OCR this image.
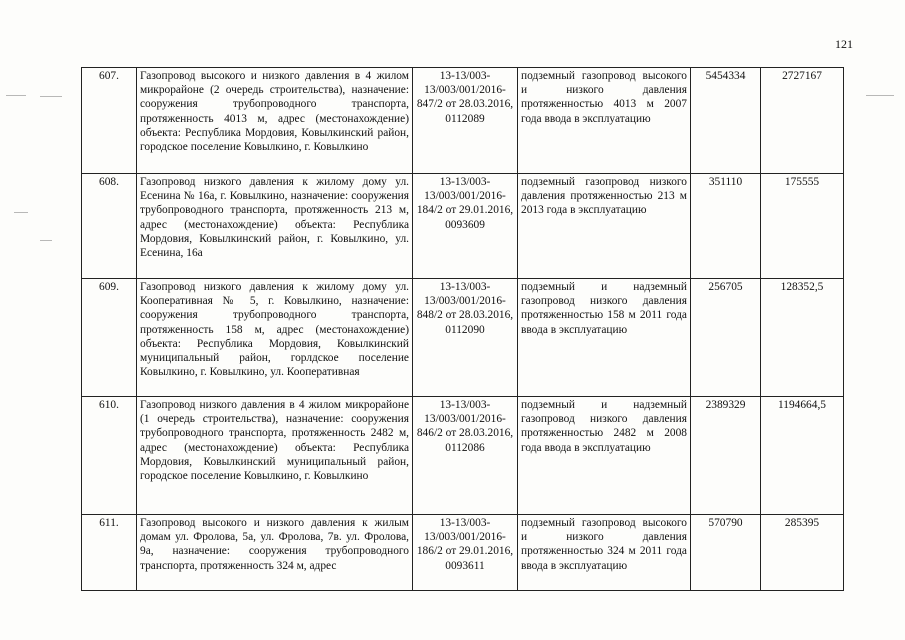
121
607.	Газопровод высокого и низкого давления в 4 жилом микрорайоне (2 очередь строительства), назначение: сооружения трубопроводного транспорта, протяженность 4013 м, адрес (местонахождение) объекта: Республика Мордовия, Ковылкинский район, городское поселение Ковылкино, г. Ковылкино	13-13/003-13/003/001/2016-847/2 от 28.03.2016, 0112089	подземный газопровод высокого и низкого давления протяженностью 4013 м 2007 года ввода в эксплуатацию	5454334	2727167
608.	Газопровод низкого давления к жилому дому ул. Есенина № 16а, г. Ковылкино, назначение: сооружения трубопроводного транспорта, протяженность 213 м, адрес (местонахождение) объекта: Республика Мордовия, Ковылкинский район, г. Ковылкино, ул. Есенина, 16а	13-13/003-13/003/001/2016-184/2 от 29.01.2016, 0093609	подземный газопровод низкого давления протяженностью 213 м 2013 года в эксплуатацию	351110	175555
609.	Газопровод низкого давления к жилому дому ул. Кооперативная № 5, г. Ковылкино, назначение: сооружения трубопроводного транспорта, протяженность 158 м, адрес (местонахождение) объекта: Республика Мордовия, Ковылкинский муниципальный район, горлдское поселение Ковылкино, г. Ковылкино, ул. Кооперативная	13-13/003-13/003/001/2016-848/2 от 28.03.2016, 0112090	подземный и надземный газопровод низкого давления протяженностью 158 м 2011 года ввода в эксплуатацию	256705	128352,5
610.	Газопровод низкого давления в 4 жилом микрорайоне (1 очередь строительства), назначение: сооружения трубопроводного транспорта, протяженность 2482 м, адрес (местонахождение) объекта: Республика Мордовия, Ковылкинский муниципальный район, городское поселение Ковылкино, г. Ковылкино	13-13/003-13/003/001/2016-846/2 от 28.03.2016, 0112086	подземный и надземный газопровод низкого давления протяженностью 2482 м 2008 года ввода в эксплуатацию	2389329	1194664,5
611.	Газопровод высокого и низкого давления к жилым домам ул. Фролова, 5а, ул. Фролова, 7в. ул. Фролова, 9а, назначение: сооружения трубопроводного транспорта, протяженность 324 м, адрес	13-13/003-13/003/001/2016-186/2 от 29.01.2016, 0093611	подземный газопровод высокого и низкого давления протяженностью 324 м 2011 года ввода в эксплуатацию	570790	285395
